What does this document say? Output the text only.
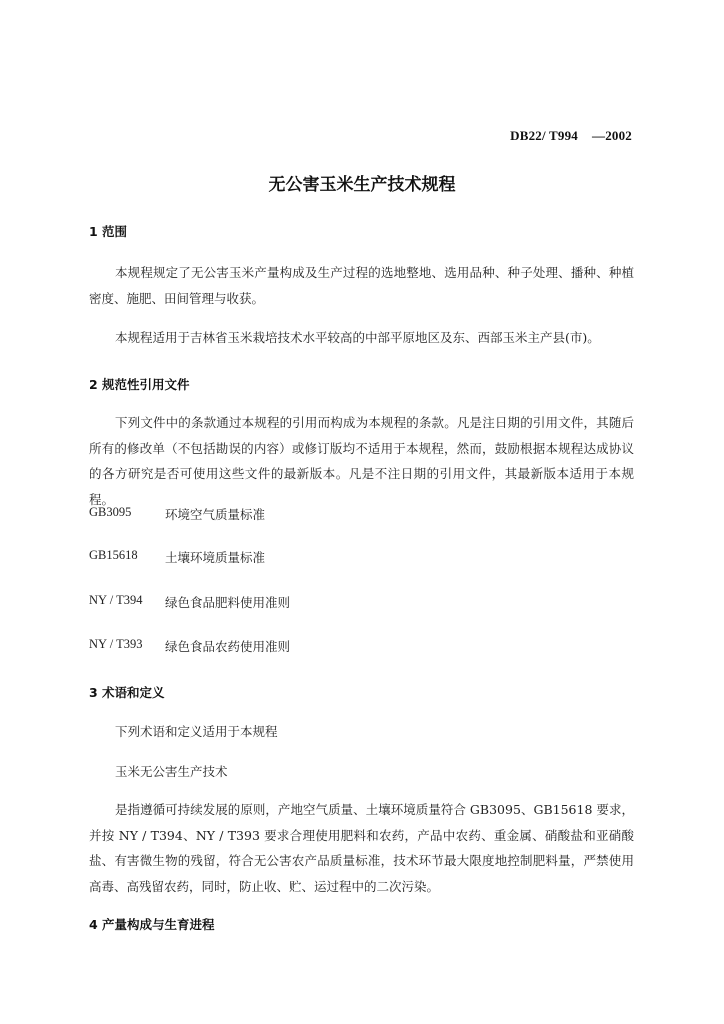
DB22/ T994 —2002
无公害玉米生产技术规程
1 范围
本规程规定了无公害玉米产量构成及生产过程的选地整地、选用品种、种子处理、播种、种植密度、施肥、田间管理与收获。
本规程适用于吉林省玉米栽培技术水平较高的中部平原地区及东、西部玉米主产县(市)。
2 规范性引用文件
下列文件中的条款通过本规程的引用而构成为本规程的条款。凡是注日期的引用文件，其随后所有的修改单（不包括勘误的内容）或修订版均不适用于本规程，然而，鼓励根据本规程达成协议的各方研究是否可使用这些文件的最新版本。凡是不注日期的引用文件，其最新版本适用于本规程。
GB3095	环境空气质量标准
GB15618	土壤环境质量标准
NY / T394	绿色食品肥料使用准则
NY / T393	绿色食品农药使用准则
3 术语和定义
下列术语和定义适用于本规程
玉米无公害生产技术
是指遵循可持续发展的原则，产地空气质量、土壤环境质量符合 GB3095、GB15618 要求，并按 NY / T394、NY / T393 要求合理使用肥料和农药，产品中农药、重金属、硝酸盐和亚硝酸盐、有害微生物的残留，符合无公害农产品质量标准，技术环节最大限度地控制肥料量，严禁使用高毒、高残留农药，同时，防止收、贮、运过程中的二次污染。
4 产量构成与生育进程
